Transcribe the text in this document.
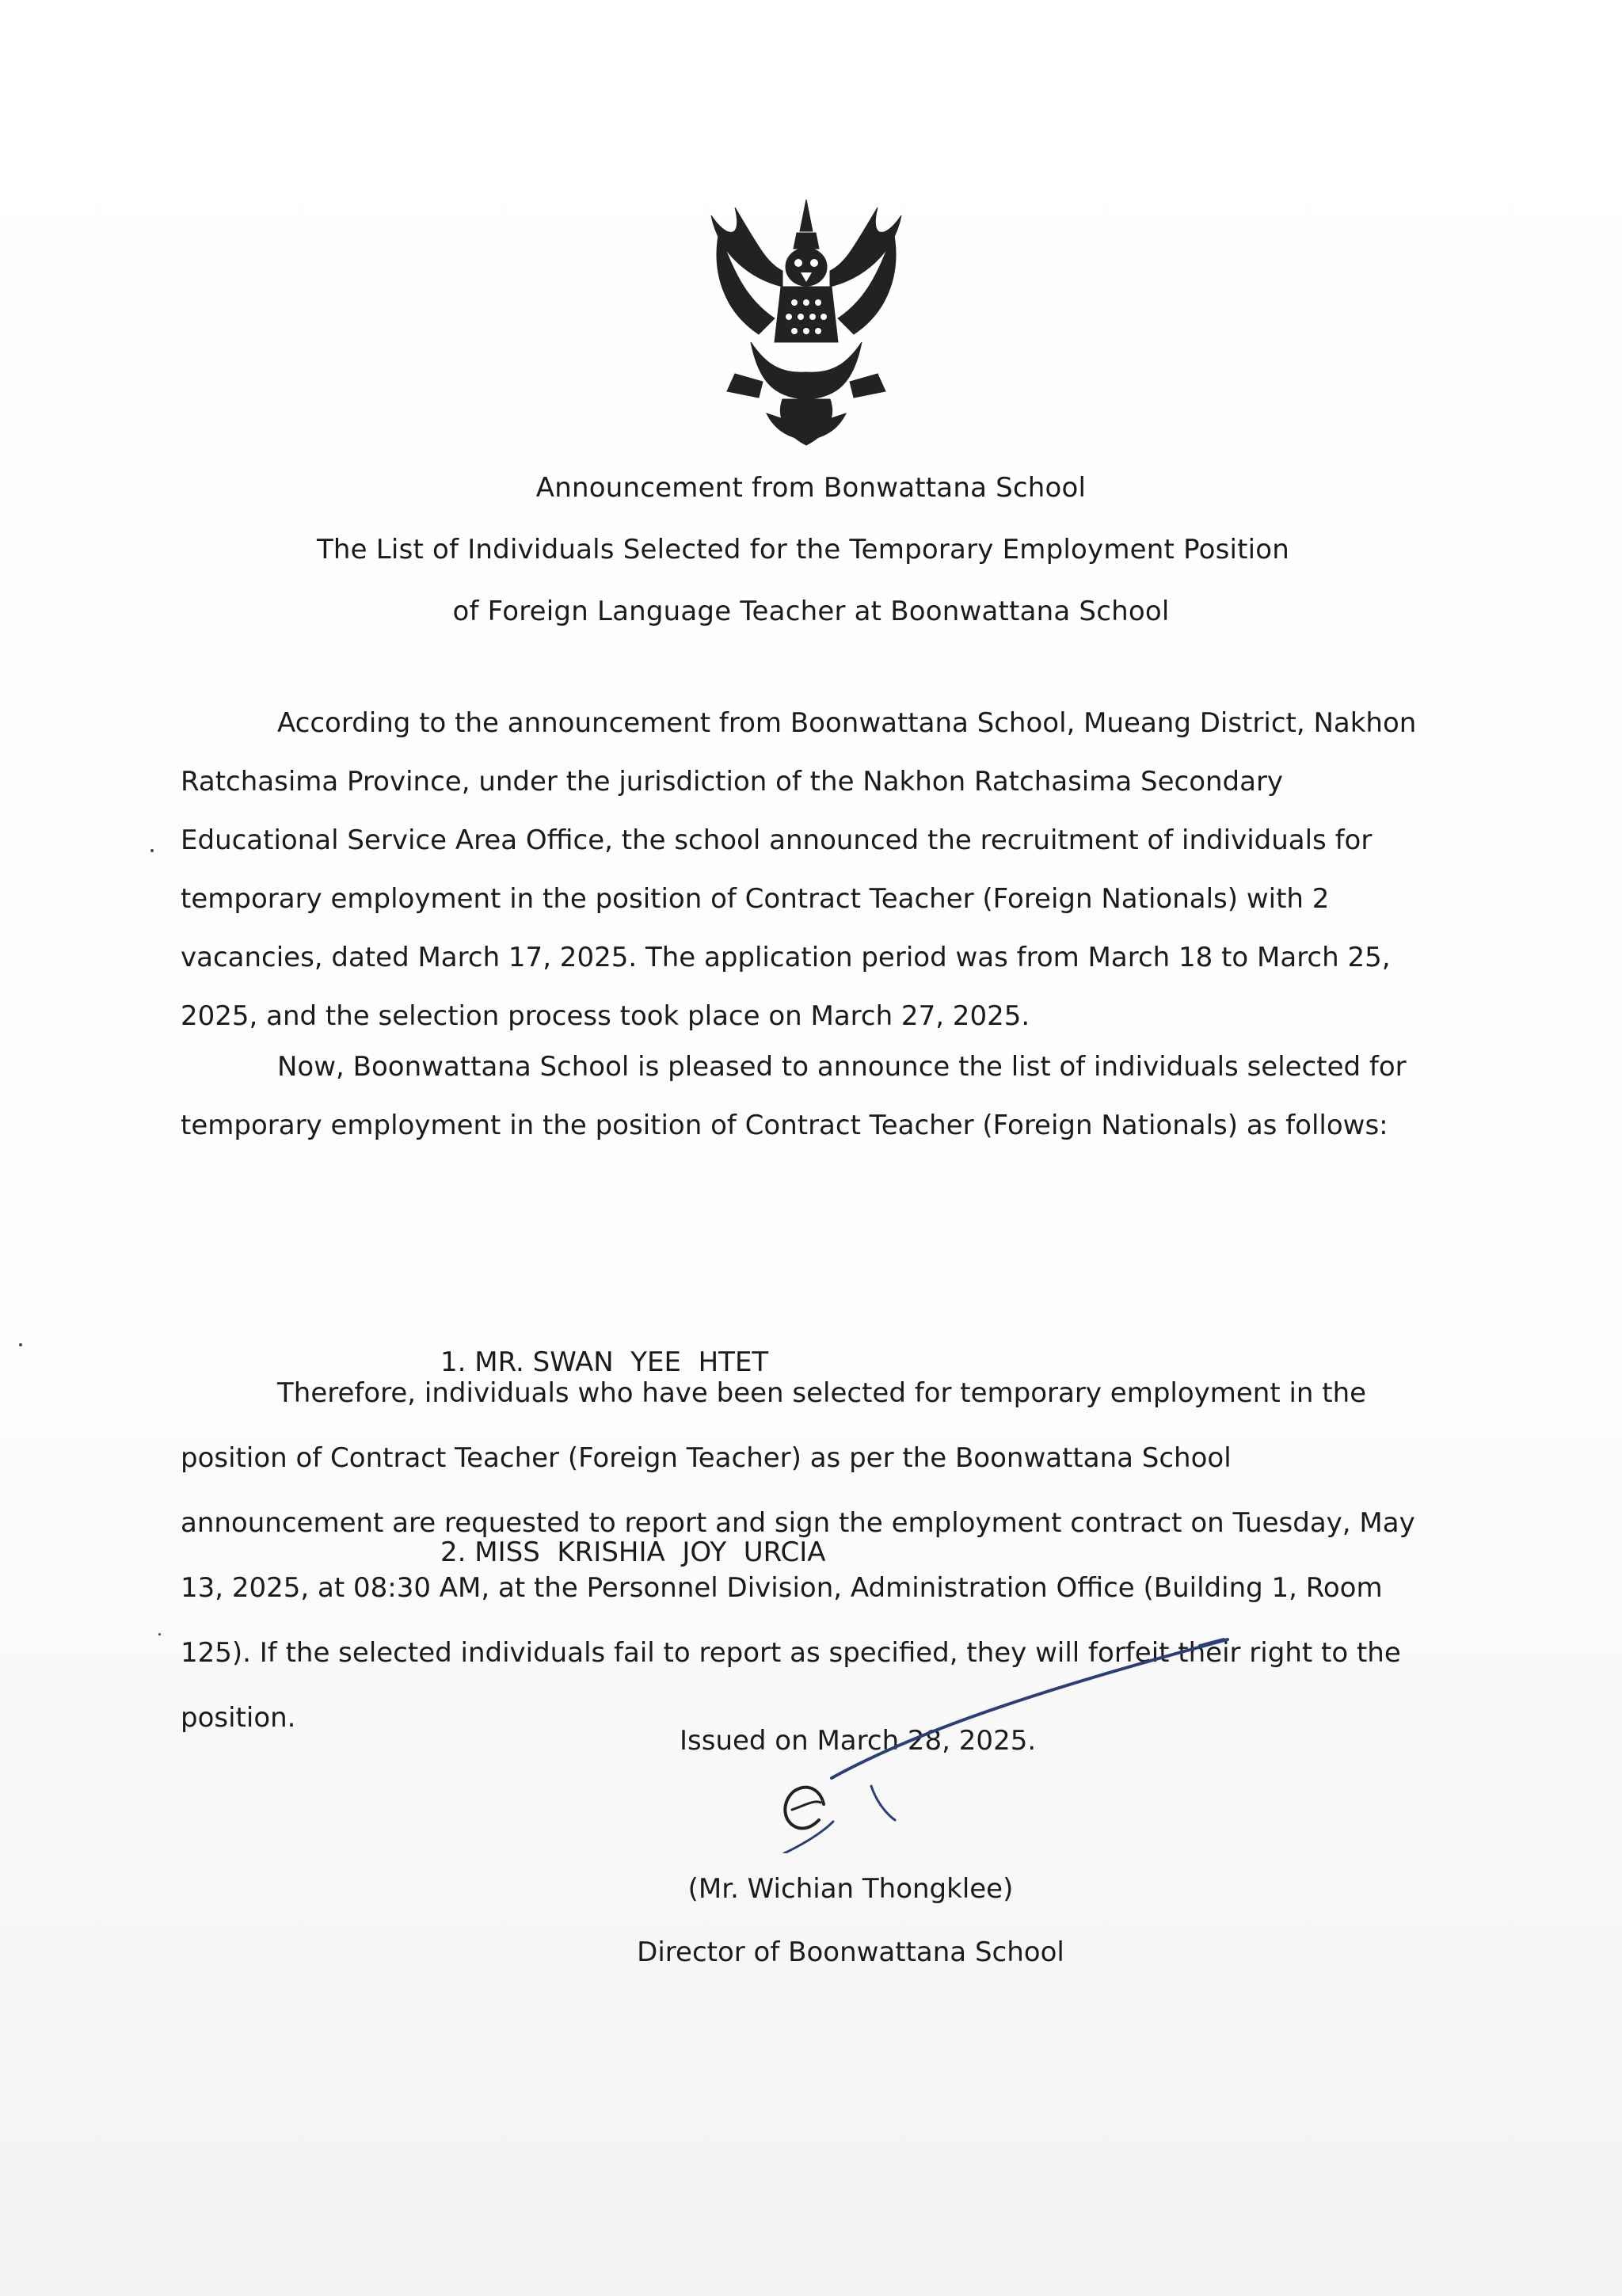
Announcement from Bonwattana School
The List of Individuals Selected for the Temporary Employment Position
of Foreign Language Teacher at Boonwattana School
According to the announcement from Boonwattana School, Mueang District, Nakhon Ratchasima Province, under the jurisdiction of the Nakhon Ratchasima Secondary Educational Service Area Office, the school announced the recruitment of individuals for temporary employment in the position of Contract Teacher (Foreign Nationals) with 2 vacancies, dated March 17, 2025. The application period was from March 18 to March 25, 2025, and the selection process took place on March 27, 2025.
Now, Boonwattana School is pleased to announce the list of individuals selected for temporary employment in the position of Contract Teacher (Foreign Nationals) as follows:

1. MR. SWAN  YEE  HTET

2. MISS  KRISHIA  JOY  URCIA

Therefore, individuals who have been selected for temporary employment in the position of Contract Teacher (Foreign Teacher) as per the Boonwattana School announcement are requested to report and sign the employment contract on Tuesday, May 13, 2025, at 08:30 AM, at the Personnel Division, Administration Office (Building 1, Room 125). If the selected individuals fail to report as specified, they will forfeit their right to the position.
Issued on March 28, 2025.
(Mr. Wichian Thongklee)
Director of Boonwattana School
